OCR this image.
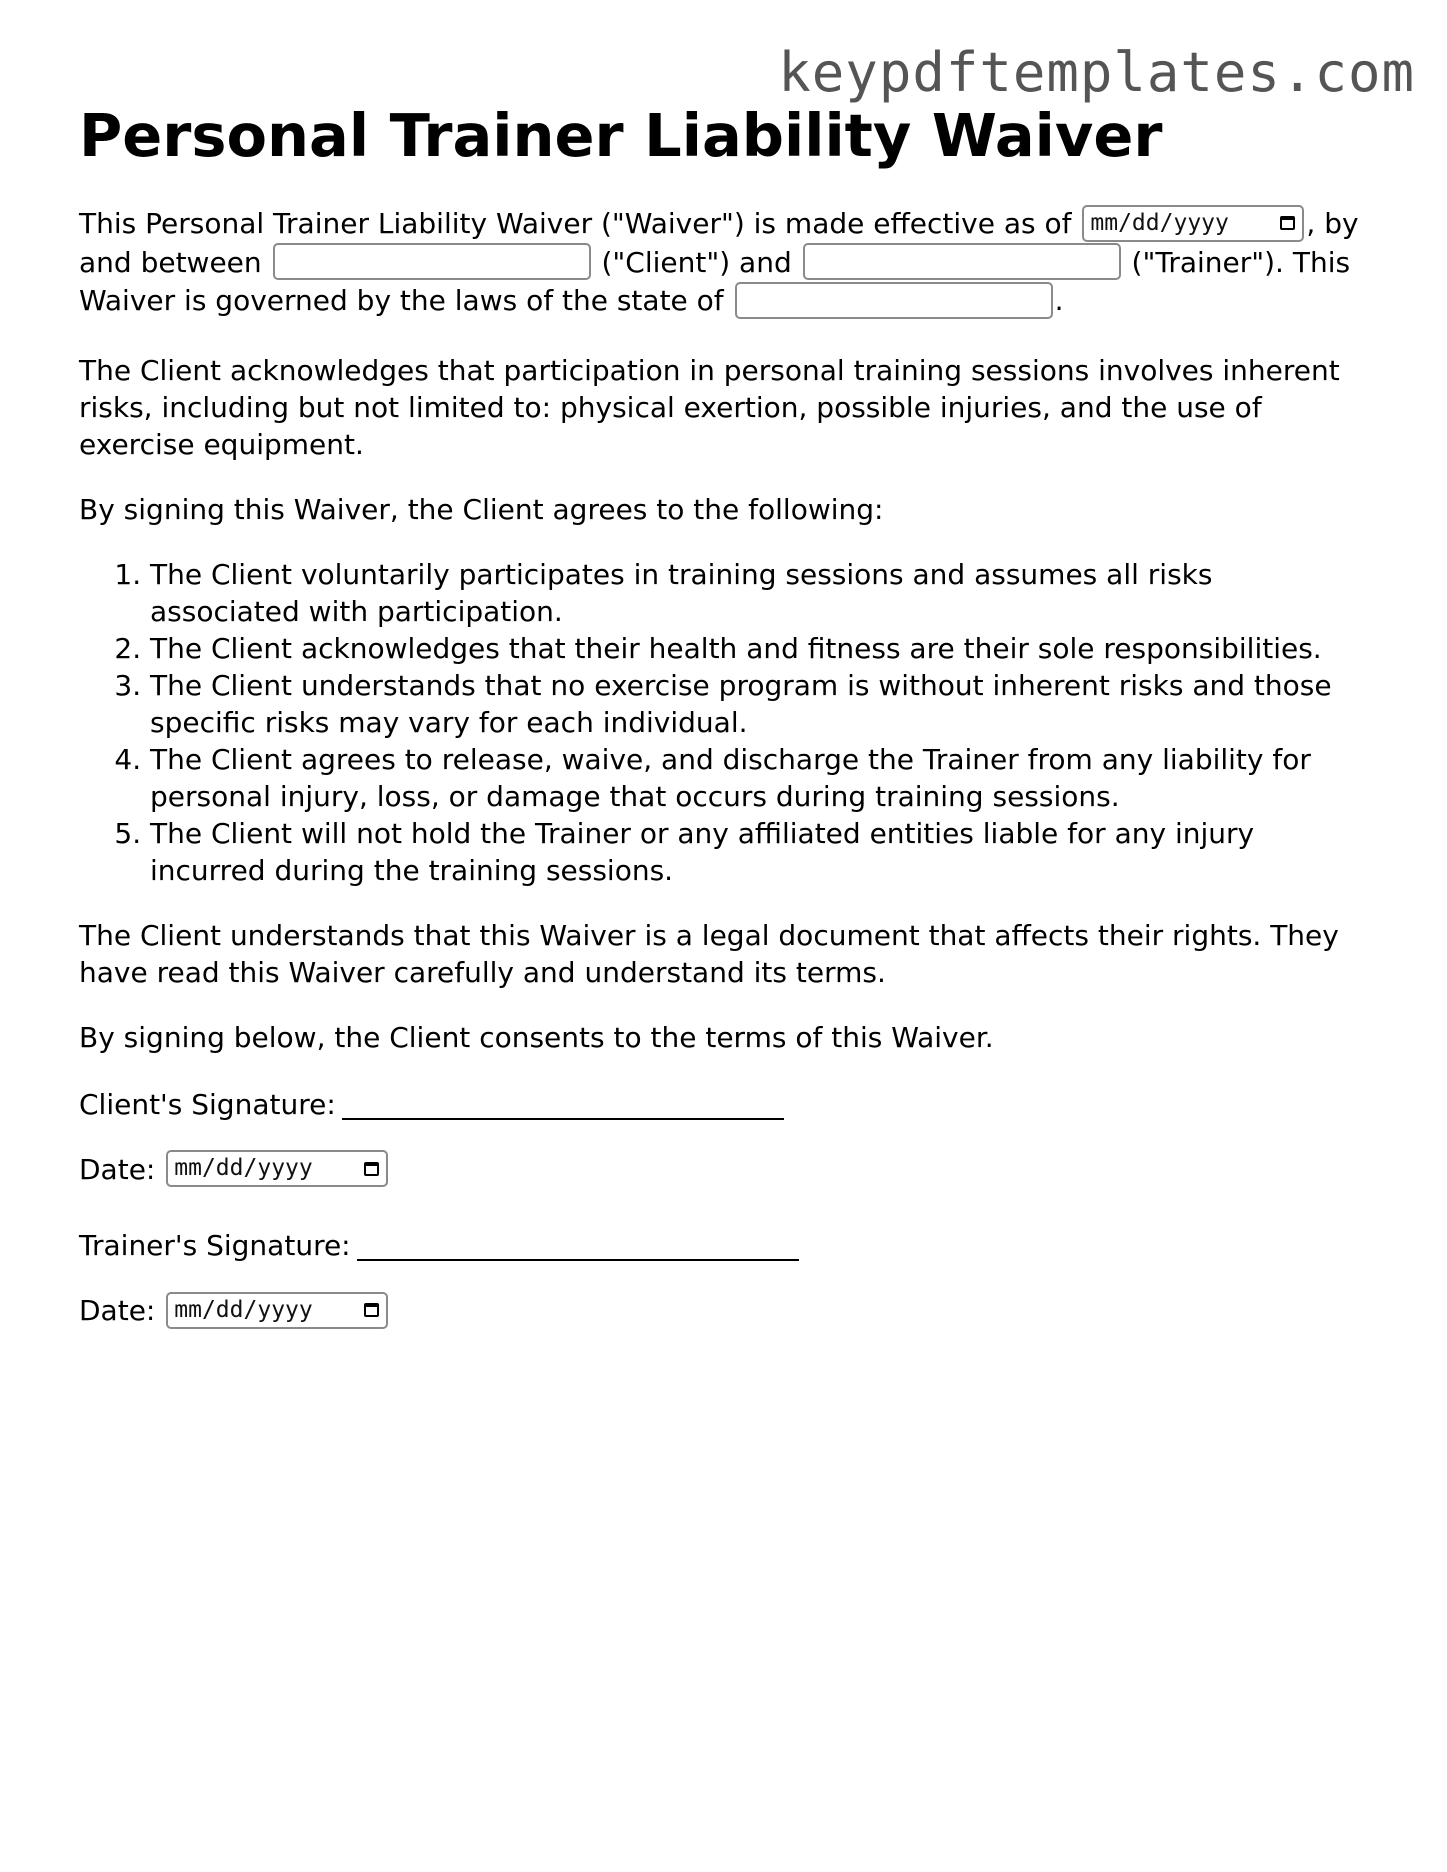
keypdftemplates.com
Personal Trainer Liability Waiver

This Personal Trainer Liability Waiver ("Waiver") is made effective as of mm/dd/yyyy	, by and between	("Client") and	("Trainer"). This Waiver is governed by the laws of the state of	.

The Client acknowledges that participation in personal training sessions involves inherent risks, including but not limited to: physical exertion, possible injuries, and the use of exercise equipment.

By signing this Waiver, the Client agrees to the following:

1. The Client voluntarily participates in training sessions and assumes all risks associated with participation.
2. The Client acknowledges that their health and fitness are their sole responsibilities.
3. The Client understands that no exercise program is without inherent risks and those specific risks may vary for each individual.
4. The Client agrees to release, waive, and discharge the Trainer from any liability for personal injury, loss, or damage that occurs during training sessions.
5. The Client will not hold the Trainer or any affiliated entities liable for any injury incurred during the training sessions.

The Client understands that this Waiver is a legal document that affects their rights. They have read this Waiver carefully and understand its terms.

By signing below, the Client consents to the terms of this Waiver.

Client's Signature:

Date: mm/dd/yyyy

Trainer's Signature:

Date: mm/dd/yyyy
